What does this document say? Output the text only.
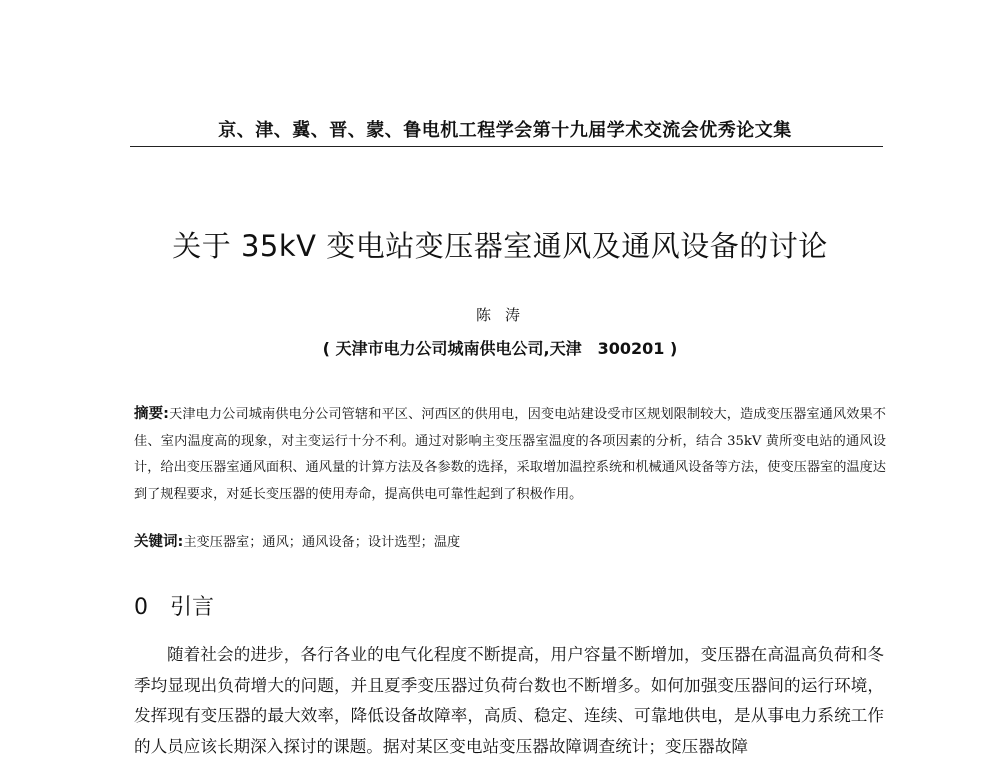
京、津、冀、晋、蒙、鲁电机工程学会第十九届学术交流会优秀论文集
关于 35kV 变电站变压器室通风及通风设备的讨论
陈涛
( 天津市电力公司城南供电公司,天津　300201 )
摘要:天津电力公司城南供电分公司管辖和平区、河西区的供用电，因变电站建设受市区规划限制较大，造成变压器室通风效果不佳、室内温度高的现象，对主变运行十分不利。通过对影响主变压器室温度的各项因素的分析，结合 35kV 黄所变电站的通风设计，给出变压器室通风面积、通风量的计算方法及各参数的选择，采取增加温控系统和机械通风设备等方法，使变压器室的温度达到了规程要求，对延长变压器的使用寿命，提高供电可靠性起到了积极作用。
关键词:主变压器室；通风；通风设备；设计选型；温度
0 引言
随着社会的进步，各行各业的电气化程度不断提高，用户容量不断增加，变压器在高温高负荷和冬季均显现出负荷增大的问题，并且夏季变压器过负荷台数也不断增多。如何加强变压器间的运行环境，发挥现有变压器的最大效率，降低设备故障率，高质、稳定、连续、可靠地供电，是从事电力系统工作的人员应该长期深入探讨的课题。据对某区变电站变压器故障调查统计；变压器故障
